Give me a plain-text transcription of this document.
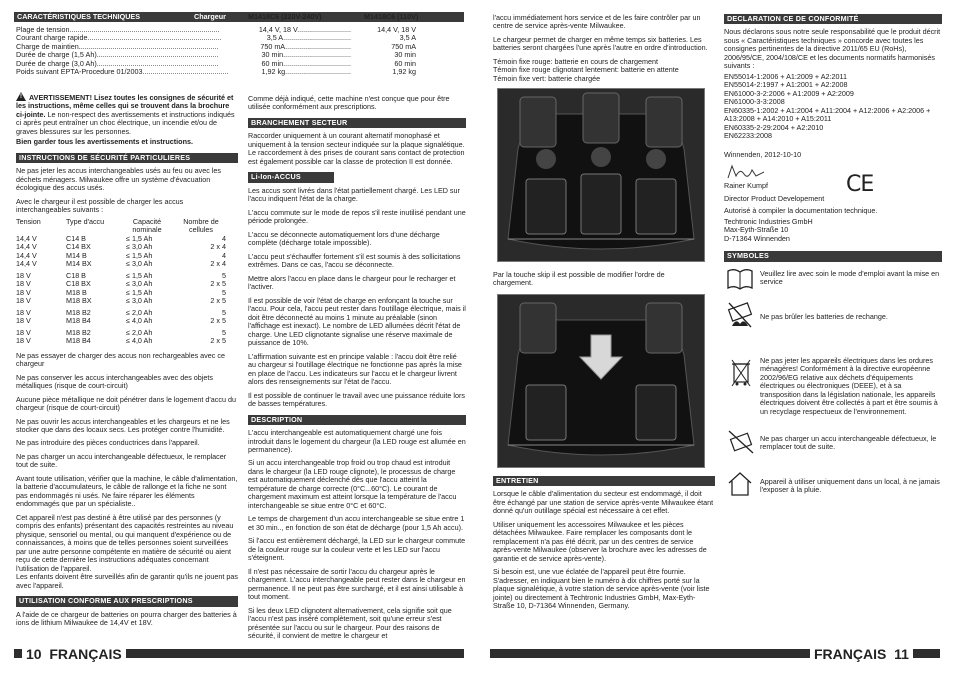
CARACTÉRISTIQUES TECHNIQUES	Chargeur	M1418C6 (220V-240V)	M1418C6 (110V)
Plage de tension...........................................................................	14,4 V, 18 V...........................	14,4 V, 18 V
Courant charge rapide...................................................................	3,5 A..................................	3,5 A
Charge de maintien......................................................................	750 mA.................................	750 mA
Durée de charge (1,5 Ah).............................................................	30 min..................................	30 min
Durée de charge (3,0 Ah).............................................................	60 min..................................	60 min
Poids suivant EPTA-Procedure 01/2003...........................................	1,92 kg.................................	1,92 kg

! AVERTISSEMENT! Lisez toutes les consignes de sécurité et les instructions, même celles qui se trouvent dans la brochure ci-jointe. Le non-respect des avertissements et instructions indiqués ci après peut entraîner un choc électrique, un incendie et/ou de graves blessures sur les personnes.

Bien garder tous les avertissements et instructions.

INSTRUCTIONS DE SÉCURITÉ PARTICULIERES

Ne pas jeter les accus interchangeables usés au feu ou avec les déchets ménagers. Milwaukee offre un système d'évacuation écologique des accus usés.

Avec le chargeur il est possible de charger les accus interchangeables suivants :

Tension	Type d'accu	Capacité nominale	Nombre de cellules
14,4 V	C14 B	≤ 1,5 Ah	4
14,4 V	C14 BX	≤ 3,0 Ah	2 x 4
14,4 V	M14 B	≤ 1,5 Ah	4
14,4 V	M14 BX	≤ 3,0 Ah	2 x 4

18 V	C18 B	≤ 1,5 Ah	5
18 V	C18 BX	≤ 3,0 Ah	2 x 5
18 V	M18 B	≤ 1,5 Ah	5
18 V	M18 BX	≤ 3,0 Ah	2 x 5

18 V	M18 B2	≤ 2,0 Ah	5
18 V	M18 B4	≤ 4,0 Ah	2 x 5

18 V	M18 B2	≤ 2,0 Ah	5
18 V	M18 B4	≤ 4,0 Ah	2 x 5

Ne pas essayer de charger des accus non rechargeables avec ce chargeur

Ne pas conserver les accus interchangeables avec des objets métalliques (risque de court-circuit)

Aucune pièce métallique ne doit pénétrer dans le logement d'accu du chargeur (risque de court-circuit)

Ne pas ouvrir les accus interchangeables et les chargeurs et ne les stocker que dans des locaux secs. Les protéger contre l'humidité.

Ne pas introduire des pièces conductrices dans l'appareil.

Ne pas charger un accu interchangeable défectueux, le remplacer tout de suite.

Avant toute utilisation, vérifier que la machine, le câble d'alimentation, la batterie d'accumulateurs, le câble de rallonge et la fiche ne sont pas endommagés ni usés. Ne faire réparer les éléments endommagés que par un spécialiste..

Cet appareil n'est pas destiné à être utilisé par des personnes (y compris des enfants) présentant des capacités restreintes au niveau physique, sensoriel ou mental, ou qui manquent d'expérience ou de connaissances, à moins que de telles personnes soient surveillées par une autre personne compétente en matière de sécurité ou aient reçu de cette dernière les instructions adéquates concernant l'utilisation de l'appareil.

Les enfants doivent être surveillés afin de garantir qu'ils ne jouent pas avec l'appareil.

UTILISATION CONFORME AUX PRESCRIPTIONS

A l'aide de ce chargeur de batteries on pourra charger des batteries à ions de lithium Milwaukee de 14,4V et 18V.

Comme déjà indiqué, cette machine n'est conçue que pour être utilisée conformément aux prescriptions.

BRANCHEMENT SECTEUR

Raccorder uniquement à un courant alternatif monophasé et uniquement à la tension secteur indiquée sur la plaque signalétique. Le raccordement à des prises de courant sans contact de protection est également possible car la classe de protection II est donnée.

Li-Ion-ACCUS

Les accus sont livrés dans l'état partiellement chargé. Les LED sur l'accu indiquent l'état de la charge.

L'accu commute sur le mode de repos s'il reste inutilisé pendant une période prolongée.

L'accu se déconnecte automatiquement lors d'une décharge complète (décharge totale impossible).

L'accu peut s'échauffer fortement s'il est soumis à des sollicitations extrêmes. Dans ce cas, l'accu se déconnecte.

Mettre alors l'accu en place dans le chargeur pour le recharger et l'activer.

Il est possible de voir l'état de charge en enfonçant la touche sur l'accu. Pour cela, l'accu peut rester dans l'outillage électrique, mais il doit être déconnecté au moins 1 minute au préalable (sinon l'affichage est inexact). Le nombre de LED allumées décrit l'état de charge. Une LED clignotante signalise une réserve maximale de puissance de 10%.

L'affirmation suivante est en principe valable : l'accu doit être relié au chargeur si l'outillage électrique ne fonctionne pas après la mise en place de l'accu. Les indicateurs sur l'accu et le chargeur livrent alors des renseignements sur l'état de l'accu.

Il est possible de continuer le travail avec une puissance réduite lors de basses températures.

DESCRIPTION

L'accu interchangeable est automatiquement chargé une fois introduit dans le logement du chargeur (la LED rouge est allumée en permanence).

Si un accu interchangeable trop froid ou trop chaud est introduit dans le chargeur (la LED rouge clignote), le processus de charge est automatiquement déclenché dès que l'accu atteint la température de charge correcte (0°C...60°C). Le courant de chargement maximum est atteint lorsque la température de l'accu interchangeable se situe entre 0°C et 60°C.

Le temps de chargement d'un accu interchangeable se situe entre 1 et 30 min.., en fonction de son état de décharge (pour 1,5 Ah accu).

Si l'accu est entièrement déchargé, la LED sur le chargeur commute de la couleur rouge sur la couleur verte et les LED sur l'accu s'éteignent.

Il n'est pas nécessaire de sortir l'accu du chargeur après le chargement. L'accu interchangeable peut rester dans le chargeur en permanence. Il ne peut pas être surchargé, et il est ainsi utilisable à tout moment.

Si les deux LED clignotent alternativement, cela signifie soit que l'accu n'est pas inséré complètement, soit qu'une erreur s'est présentée sur l'accu ou sur le chargeur. Pour des raisons de sécurité, il convient de mettre le chargeur et

10 FRANÇAIS

l'accu immédiatement hors service et de les faire contrôler par un centre de service après-vente Milwaukee.

Le chargeur permet de charger en même temps six batteries. Les batteries seront chargées l'une après l'autre en ordre d'introduction.

Témoin fixe rouge: batterie en cours de chargement
Témoin fixe rouge clignotant lentement: batterie en attente
Témoin fixe vert: batterie chargée
Par la touche skip il est possible de modifier l'ordre de chargement.
ENTRETIEN

Lorsque le câble d'alimentation du secteur est endommagé, il doit être échangé par une station de service après-vente Milwaukee étant donné qu'un outillage spécial est nécessaire à cet effet.

Utiliser uniquement les accessoires Milwaukee et les pièces détachées Milwaukee. Faire remplacer les composants dont le remplacement n'a pas été décrit, par un des centres de service après-vente Milwaukee (observer la brochure avec les adresses de garantie et de service après-vente).

Si besoin est, une vue éclatée de l'appareil peut être fournie. S'adresser, en indiquant bien le numéro à dix chiffres porté sur la plaque signalétique, à votre station de service après-vente (voir liste jointe) ou directement à Techtronic Industries GmbH, Max-Eyth-Straße 10, D-71364 Winnenden, Germany.

DECLARATION CE DE CONFORMITÉ

Nous déclarons sous notre seule responsabilité que le produit décrit sous « Caractéristiques techniques » concorde avec toutes les consignes pertinentes de la directive 2011/65 EU (RoHs), 2006/95/CE, 2004/108/CE et les documents normatifs harmonisés suivants :

EN55014-1:2006 + A1:2009 + A2:2011
EN55014-2:1997 + A1:2001 + A2:2008
EN61000-3-2:2006 + A1:2009 + A2:2009
EN61000-3-3:2008
EN60335-1:2002 + A1:2004 + A11:2004 + A12:2006 + A2:2006 + A13:2008 + A14:2010 + A15:2011
EN60335-2-29:2004 + A2:2010
EN62233:2008

Winnenden, 2012-10-10

Rainer Kumpf
Director Product Developement
Autorisé à compiler la documentation technique.
Techtronic Industries GmbH
Max-Eyth-Straße 10
D-71364 Winnenden
SYMBOLES
CE
Veuillez lire avec soin le mode d'emploi avant la mise en service
Ne pas brûler les batteries de rechange.
Ne pas jeter les appareils électriques dans les ordures ménagères! Conformément à la directive européenne 2002/96/EG relative aux déchets d'équipements électriques ou électroniques (DEEE), et à sa transposition dans la législation nationale, les appareils électriques doivent être collectés à part et être soumis à un recyclage respectueux de l'environnement.
Ne pas charger un accu interchangeable défectueux, le remplacer tout de suite.
Appareil à utiliser uniquement dans un local, à ne jamais l'exposer à la pluie.
FRANÇAIS 11
